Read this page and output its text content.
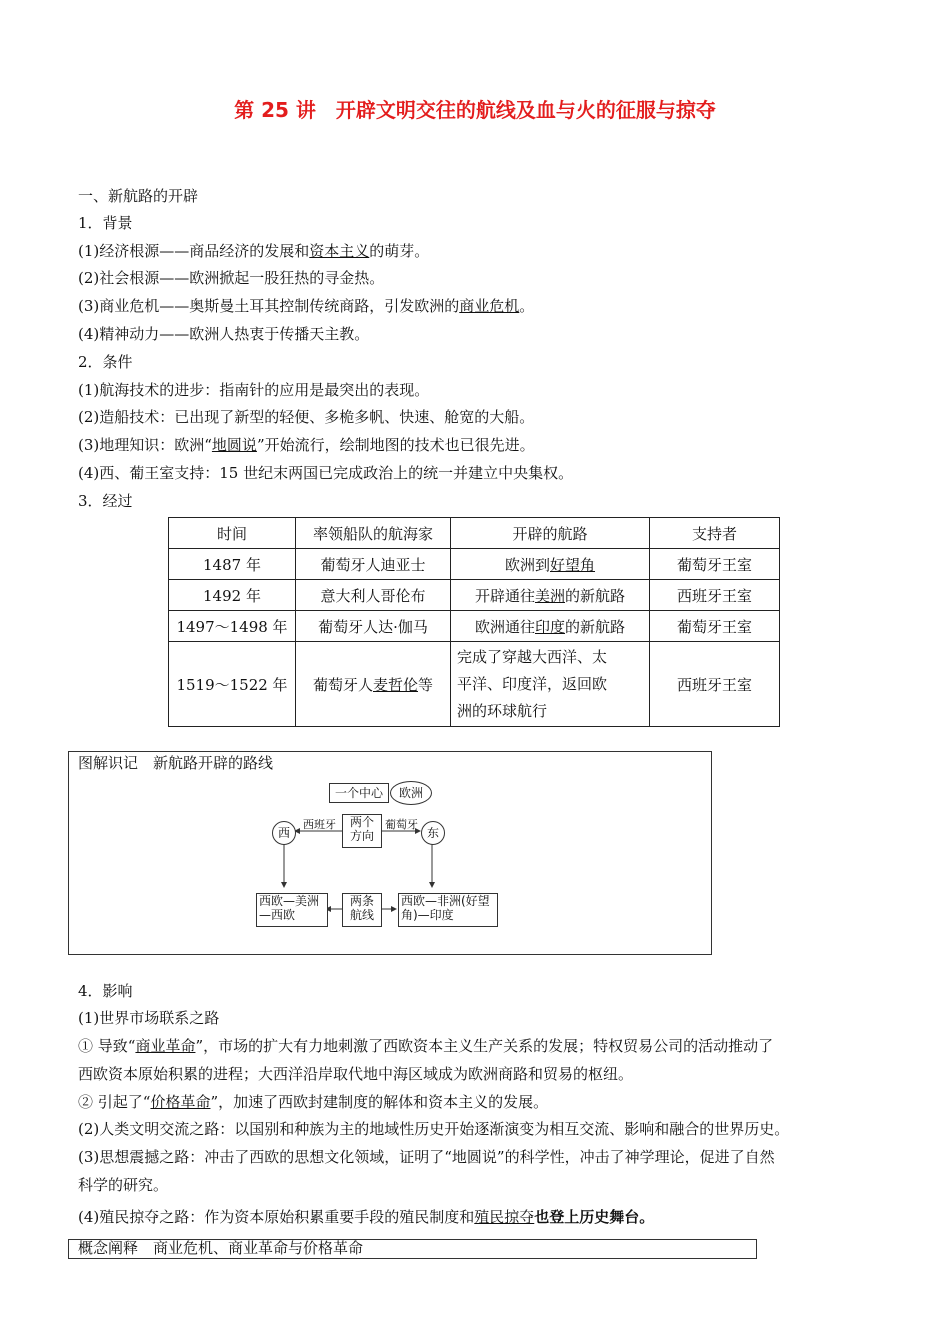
第 25 讲　开辟文明交往的航线及血与火的征服与掠夺
一、新航路的开辟
1．背景
(1)经济根源——商品经济的发展和资本主义的萌芽。
(2)社会根源——欧洲掀起一股狂热的寻金热。
(3)商业危机——奥斯曼土耳其控制传统商路，引发欧洲的商业危机。
(4)精神动力——欧洲人热衷于传播天主教。
2．条件
(1)航海技术的进步：指南针的应用是最突出的表现。
(2)造船技术：已出现了新型的轻便、多桅多帆、快速、舱宽的大船。
(3)地理知识：欧洲“地圆说”开始流行，绘制地图的技术也已很先进。
(4)西、葡王室支持：15 世纪末两国已完成政治上的统一并建立中央集权。
3．经过
时间	率领船队的航海家	开辟的航路	支持者
1487 年	葡萄牙人迪亚士	欧洲到好望角	葡萄牙王室
1492 年	意大利人哥伦布	开辟通往美洲的新航路	西班牙王室
1497～1498 年	葡萄牙人达·伽马	欧洲通往印度的新航路	葡萄牙王室
1519～1522 年	葡萄牙人麦哲伦等	完成了穿越大西洋、太
平洋、印度洋，返回欧
洲的环球航行	西班牙王室
图解识记　新航路开辟的路线
一个中心	欧洲
西	东
两个
方向
西班牙	葡萄牙
两条
航线
西欧—美洲
—西欧
西欧—非洲(好望
角)—印度
4．影响
(1)世界市场联系之路
① 导致“商业革命”，市场的扩大有力地刺激了西欧资本主义生产关系的发展；特权贸易公司的活动推动了
西欧资本原始积累的进程；大西洋沿岸取代地中海区域成为欧洲商路和贸易的枢纽。
② 引起了“价格革命”，加速了西欧封建制度的解体和资本主义的发展。
(2)人类文明交流之路：以国别和种族为主的地域性历史开始逐渐演变为相互交流、影响和融合的世界历史。
(3)思想震撼之路：冲击了西欧的思想文化领域，证明了“地圆说”的科学性，冲击了神学理论，促进了自然
科学的研究。
(4)殖民掠夺之路：作为资本原始积累重要手段的殖民制度和殖民掠夺也登上历史舞台。
概念阐释　商业危机、商业革命与价格革命
